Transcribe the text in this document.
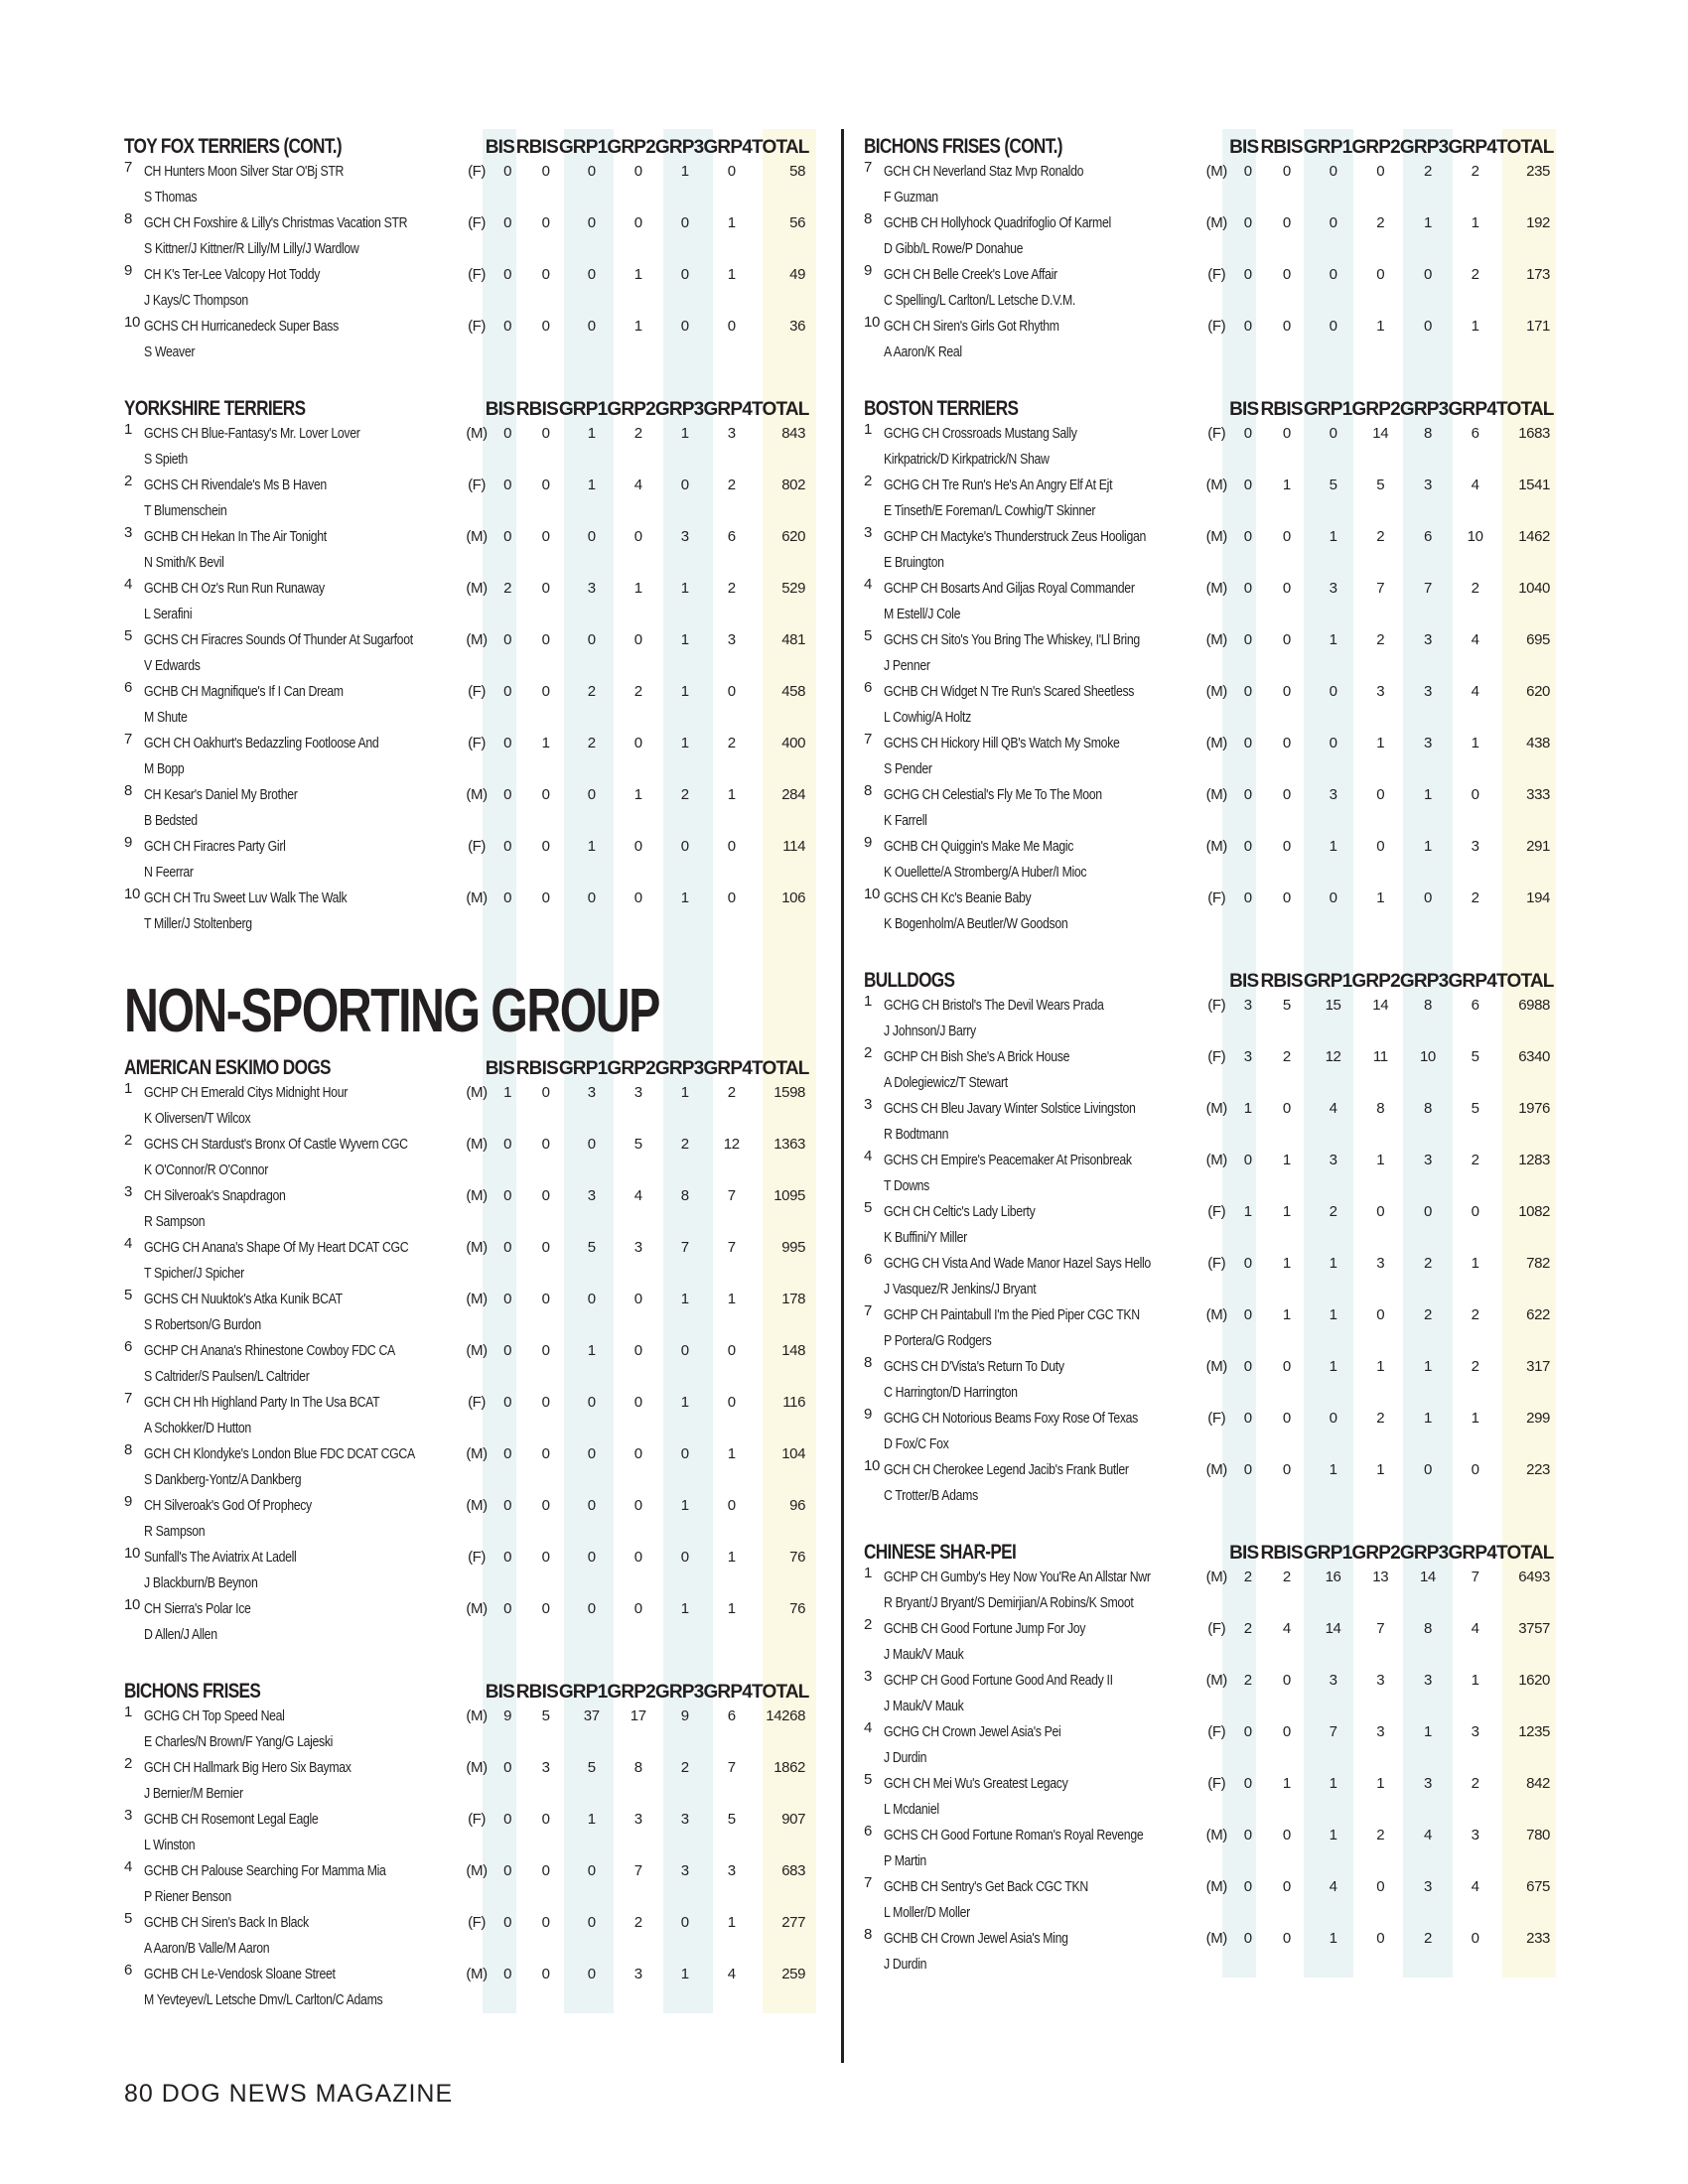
TOY FOX TERRIERS (CONT.)	BIS RBIS GRP1 GRP2 GRP3 GRP4 TOTAL
7 CH Hunters Moon Silver Star O'Bj STR
S Thomas
(F)	0	0	0	0	1	0	58
8 GCH CH Foxshire & Lilly's Christmas Vacation STR
S Kittner/J Kittner/R Lilly/M Lilly/J Wardlow
(F)	0	0	0	0	0	1	56
9 CH K's Ter-Lee Valcopy Hot Toddy
J Kays/C Thompson
(F)	0	0	0	1	0	1	49
10 GCHS CH Hurricanedeck Super Bass
S Weaver
(F)	0	0	0	1	0	0	36
YORKSHIRE TERRIERS	BIS RBIS GRP1 GRP2 GRP3 GRP4 TOTAL
1 GCHS CH Blue-Fantasy's Mr. Lover Lover
S Spieth
(M)	0	0	1	2	1	3	843
2 GCHS CH Rivendale's Ms B Haven
T Blumenschein
(F)	0	0	1	4	0	2	802
3 GCHB CH Hekan In The Air Tonight
N Smith/K Bevil
(M)	0	0	0	0	3	6	620
4 GCHB CH Oz's Run Run Runaway
L Serafini
(M)	2	0	3	1	1	2	529
5 GCHS CH Firacres Sounds Of Thunder At Sugarfoot
V Edwards
(M)	0	0	0	0	1	3	481
6 GCHB CH Magnifique's If I Can Dream
M Shute
(F)	0	0	2	2	1	0	458
7 GCH CH Oakhurt's Bedazzling Footloose And
M Bopp
(F)	0	1	2	0	1	2	400
8 CH Kesar's Daniel My Brother
B Bedsted
(M)	0	0	0	1	2	1	284
9 GCH CH Firacres Party Girl
N Feerrar
(F)	0	0	1	0	0	0	114
10 GCH CH Tru Sweet Luv Walk The Walk
T Miller/J Stoltenberg
(M)	0	0	0	0	1	0	106
NON-SPORTING GROUP
AMERICAN ESKIMO DOGS	BIS RBIS GRP1 GRP2 GRP3 GRP4 TOTAL
1 GCHP CH Emerald Citys Midnight Hour
K Oliversen/T Wilcox
(M)	1	0	3	3	1	2	1598
2 GCHS CH Stardust's Bronx Of Castle Wyvern CGC
K O'Connor/R O'Connor
(M)	0	0	0	5	2	12	1363
3 CH Silveroak's Snapdragon
R Sampson
(M)	0	0	3	4	8	7	1095
4 GCHG CH Anana's Shape Of My Heart DCAT CGC
T Spicher/J Spicher
(M)	0	0	5	3	7	7	995
5 GCHS CH Nuuktok's Atka Kunik BCAT
S Robertson/G Burdon
(M)	0	0	0	0	1	1	178
6 GCHP CH Anana's Rhinestone Cowboy FDC CA
S Caltrider/S Paulsen/L Caltrider
(M)	0	0	1	0	0	0	148
7 GCH CH Hh Highland Party In The Usa BCAT
A Schokker/D Hutton
(F)	0	0	0	0	1	0	116
8 GCH CH Klondyke's London Blue FDC DCAT CGCA
S Dankberg-Yontz/A Dankberg
(M)	0	0	0	0	0	1	104
9 CH Silveroak's God Of Prophecy
R Sampson
(M)	0	0	0	0	1	0	96
10 Sunfall's The Aviatrix At Ladell
J Blackburn/B Beynon
(F)	0	0	0	0	0	1	76
10 CH Sierra's Polar Ice
D Allen/J Allen
(M)	0	0	0	0	1	1	76
BICHONS FRISES	BIS RBIS GRP1 GRP2 GRP3 GRP4 TOTAL
1 GCHG CH Top Speed Neal
E Charles/N Brown/F Yang/G Lajeski
(M)	9	5	37	17	9	6	14268
2 GCH CH Hallmark Big Hero Six Baymax
J Bernier/M Bernier
(M)	0	3	5	8	2	7	1862
3 GCHB CH Rosemont Legal Eagle
L Winston
(F)	0	0	1	3	3	5	907
4 GCHB CH Palouse Searching For Mamma Mia
P Riener Benson
(M)	0	0	0	7	3	3	683
5 GCHB CH Siren's Back In Black
A Aaron/B Valle/M Aaron
(F)	0	0	0	2	0	1	277
6 GCHB CH Le-Vendosk Sloane Street
M Yevteyev/L Letsche Dmv/L Carlton/C Adams
(M)	0	0	0	3	1	4	259
BICHONS FRISES (CONT.)	BIS RBIS GRP1 GRP2 GRP3 GRP4 TOTAL
7 GCH CH Neverland Staz Mvp Ronaldo
F Guzman
(M)	0	0	0	0	2	2	235
8 GCHB CH Hollyhock Quadrifoglio Of Karmel
D Gibb/L Rowe/P Donahue
(M)	0	0	0	2	1	1	192
9 GCH CH Belle Creek's Love Affair
C Spelling/L Carlton/L Letsche D.V.M.
(F)	0	0	0	0	0	2	173
10 GCH CH Siren's Girls Got Rhythm
A Aaron/K Real
(F)	0	0	0	1	0	1	171
BOSTON TERRIERS	BIS RBIS GRP1 GRP2 GRP3 GRP4 TOTAL
1 GCHG CH Crossroads Mustang Sally
Kirkpatrick/D Kirkpatrick/N Shaw
(F)	0	0	0	14	8	6	1683
2 GCHG CH Tre Run's He's An Angry Elf At Ejt
E Tinseth/E Foreman/L Cowhig/T Skinner
(M)	0	1	5	5	3	4	1541
3 GCHP CH Mactyke's Thunderstruck Zeus Hooligan
E Bruington
(M)	0	0	1	2	6	10	1462
4 GCHP CH Bosarts And Giljas Royal Commander
M Estell/J Cole
(M)	0	0	3	7	7	2	1040
5 GCHS CH Sito's You Bring The Whiskey, I'Ll Bring
J Penner
(M)	0	0	1	2	3	4	695
6 GCHB CH Widget N Tre Run's Scared Sheetless
L Cowhig/A Holtz
(M)	0	0	0	3	3	4	620
7 GCHS CH Hickory Hill QB's Watch My Smoke
S Pender
(M)	0	0	0	1	3	1	438
8 GCHG CH Celestial's Fly Me To The Moon
K Farrell
(M)	0	0	3	0	1	0	333
9 GCHB CH Quiggin's Make Me Magic
K Ouellette/A Stromberg/A Huber/I Mioc
(M)	0	0	1	0	1	3	291
10 GCHS CH Kc's Beanie Baby
K Bogenholm/A Beutler/W Goodson
(F)	0	0	0	1	0	2	194
BULLDOGS	BIS RBIS GRP1 GRP2 GRP3 GRP4 TOTAL
1 GCHG CH Bristol's The Devil Wears Prada
J Johnson/J Barry
(F)	3	5	15	14	8	6	6988
2 GCHP CH Bish She's A Brick House
A Dolegiewicz/T Stewart
(F)	3	2	12	11	10	5	6340
3 GCHS CH Bleu Javary Winter Solstice Livingston
R Bodtmann
(M)	1	0	4	8	8	5	1976
4 GCHS CH Empire's Peacemaker At Prisonbreak
T Downs
(M)	0	1	3	1	3	2	1283
5 GCH CH Celtic's Lady Liberty
K Buffini/Y Miller
(F)	1	1	2	0	0	0	1082
6 GCHG CH Vista And Wade Manor Hazel Says Hello
J Vasquez/R Jenkins/J Bryant
(F)	0	1	1	3	2	1	782
7 GCHP CH Paintabull I'm the Pied Piper CGC TKN
P Portera/G Rodgers
(M)	0	1	1	0	2	2	622
8 GCHS CH D'Vista's Return To Duty
C Harrington/D Harrington
(M)	0	0	1	1	1	2	317
9 GCHG CH Notorious Beams Foxy Rose Of Texas
D Fox/C Fox
(F)	0	0	0	2	1	1	299
10 GCH CH Cherokee Legend Jacib's Frank Butler
C Trotter/B Adams
(M)	0	0	1	1	0	0	223
CHINESE SHAR-PEI	BIS RBIS GRP1 GRP2 GRP3 GRP4 TOTAL
1 GCHP CH Gumby's Hey Now You'Re An Allstar Nwr
R Bryant/J Bryant/S Demirjian/A Robins/K Smoot
(M)	2	2	16	13	14	7	6493
2 GCHB CH Good Fortune Jump For Joy
J Mauk/V Mauk
(F)	2	4	14	7	8	4	3757
3 GCHP CH Good Fortune Good And Ready II
J Mauk/V Mauk
(M)	2	0	3	3	3	1	1620
4 GCHG CH Crown Jewel Asia's Pei
J Durdin
(F)	0	0	7	3	1	3	1235
5 GCH CH Mei Wu's Greatest Legacy
L Mcdaniel
(F)	0	1	1	1	3	2	842
6 GCHS CH Good Fortune Roman's Royal Revenge
P Martin
(M)	0	0	1	2	4	3	780
7 GCHB CH Sentry's Get Back CGC TKN
L Moller/D Moller
(M)	0	0	4	0	3	4	675
8 GCHB CH Crown Jewel Asia's Ming
J Durdin
(M)	0	0	1	0	2	0	233
80 DOG NEWS MAGAZINE
